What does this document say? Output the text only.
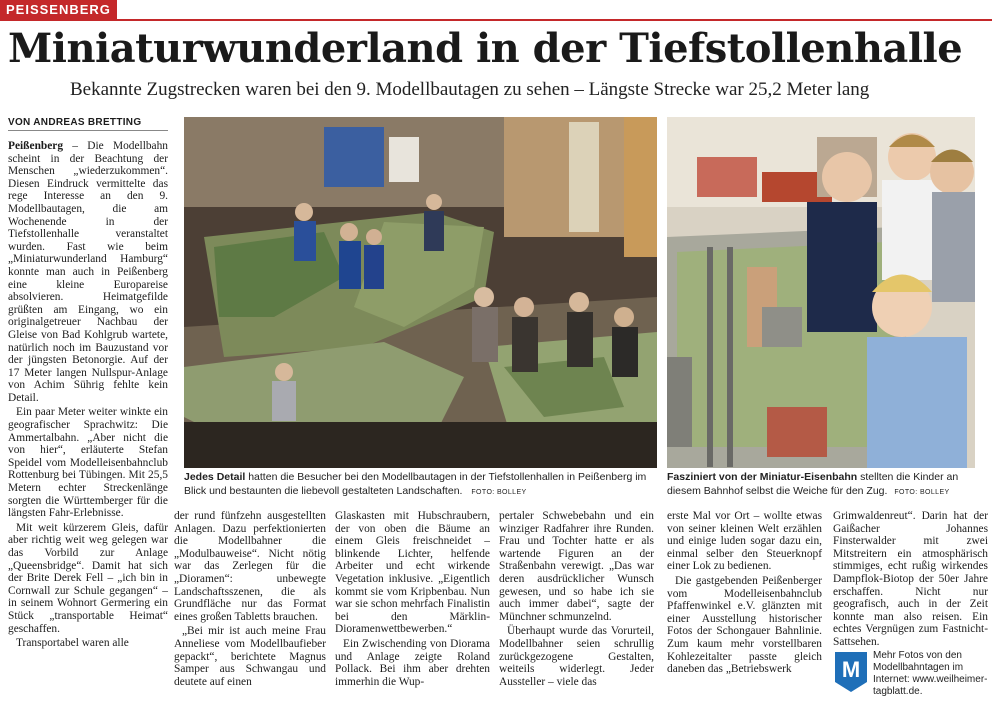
PEISSENBERG
Miniaturwunderland in der Tiefstollenhalle
Bekannte Zugstrecken waren bei den 9. Modellbautagen zu sehen – Längste Strecke war 25,2 Meter lang
VON ANDREAS BRETTING

Peißenberg – Die Modellbahn scheint in der Beachtung der Menschen „wiederzukommen“. Diesen Eindruck vermittelte das rege Interesse an den 9. Modellbautagen, die am Wochenende in der Tiefstollenhalle veranstaltet wurden. Fast wie beim „Miniaturwunderland Hamburg“ konnte man auch in Peißenberg eine kleine Europareise absolvieren. Heimatgefilde grüßten am Eingang, wo ein originalgetreuer Nachbau der Gleise von Bad Kohlgrub wartete, natürlich noch im Bauzustand vor der jüngsten Betonorgie. Auf der 17 Meter langen Nullspur-Anlage von Achim Sührig fehlte kein Detail.

Ein paar Meter weiter winkte ein geografischer Sprachwitz: Die Ammertalbahn. „Aber nicht die von hier“, erläuterte Stefan Speidel vom Modelleisenbahnclub Rottenburg bei Tübingen. Mit 25,5 Metern echter Streckenlänge sorgten die Württemberger für die längsten Fahr-Erlebnisse.

Mit weit kürzerem Gleis, dafür aber richtig weit weg gelegen war das Vorbild zur Anlage „Queensbridge“. Damit hat sich der Brite Derek Fell – „ich bin in Cornwall zur Schule gegangen“ – in seinem Wohnort Germering ein Stück „transportable Heimat“ geschaffen.

Transportabel waren alle

Jedes Detail hatten die Besucher bei den Modellbautagen in der Tiefstollenhallen in Peißenberg im Blick und bestaunten die liebevoll gestalteten Landschaften. FOTO: BOLLEY
Fasziniert von der Miniatur-Eisenbahn stellten die Kinder an diesem Bahnhof selbst die Weiche für den Zug. FOTO: BOLLEY

der rund fünfzehn ausgestellten Anlagen. Dazu perfektionierten die Modellbahner die „Modulbauweise“. Nicht nötig war das Zerlegen für die „Dioramen“: unbewegte Landschaftsszenen, die als Grundfläche nur das Format eines großen Tabletts brauchen.

„Bei mir ist auch meine Frau Anneliese vom Modellbaufieber gepackt“, berichtete Magnus Samper aus Schwangau und deutete auf einen

Glaskasten mit Hubschraubern, der von oben die Bäume an einem Gleis freischneidet – blinkende Lichter, helfende Arbeiter und echt wirkende Vegetation inklusive. „Eigentlich kommt sie vom Kripbenbau. Nun war sie schon mehrfach Finalistin bei den Märklin-Dioramenwettbewerben.“

Ein Zwischending von Diorama und Anlage zeigte Roland Pollack. Bei ihm aber drehten immerhin die Wup-

pertaler Schwebebahn und ein winziger Radfahrer ihre Runden. Frau und Tochter hatte er als wartende Figuren an der Straßenbahn verewigt. „Das war deren ausdrücklicher Wunsch gewesen, und so habe ich sie auch immer dabei“, sagte der Münchner schmunzelnd.

Überhaupt wurde das Vorurteil, Modellbahner seien schrullig zurückgezogene Gestalten, weiteils widerlegt. Jeder Aussteller – viele das

erste Mal vor Ort – wollte etwas von seiner kleinen Welt erzählen und einige luden sogar dazu ein, einmal selber den Steuerknopf einer Lok zu bedienen.

Die gastgebenden Peißenberger vom Modelleisenbahnclub Pfaffenwinkel e.V. glänzten mit einer Ausstellung historischer Fotos der Schongauer Bahnlinie. Zum kaum mehr vorstellbaren Kohlezeitalter passte gleich daneben das „Betriebswerk

Grimwaldenreut“. Darin hat der Gaißacher Johannes Finsterwalder mit zwei Mitstreitern ein atmosphärisch stimmiges, echt rußig wirkendes Dampflok-Biotop der 50er Jahre erschaffen. Nicht nur geografisch, auch in der Zeit konnte man also reisen. Ein echtes Vergnügen zum Fastnicht-Sattsehen.

M
Mehr Fotos von den Modellbahntagen im Internet: www.weilheimer-tagblatt.de.
